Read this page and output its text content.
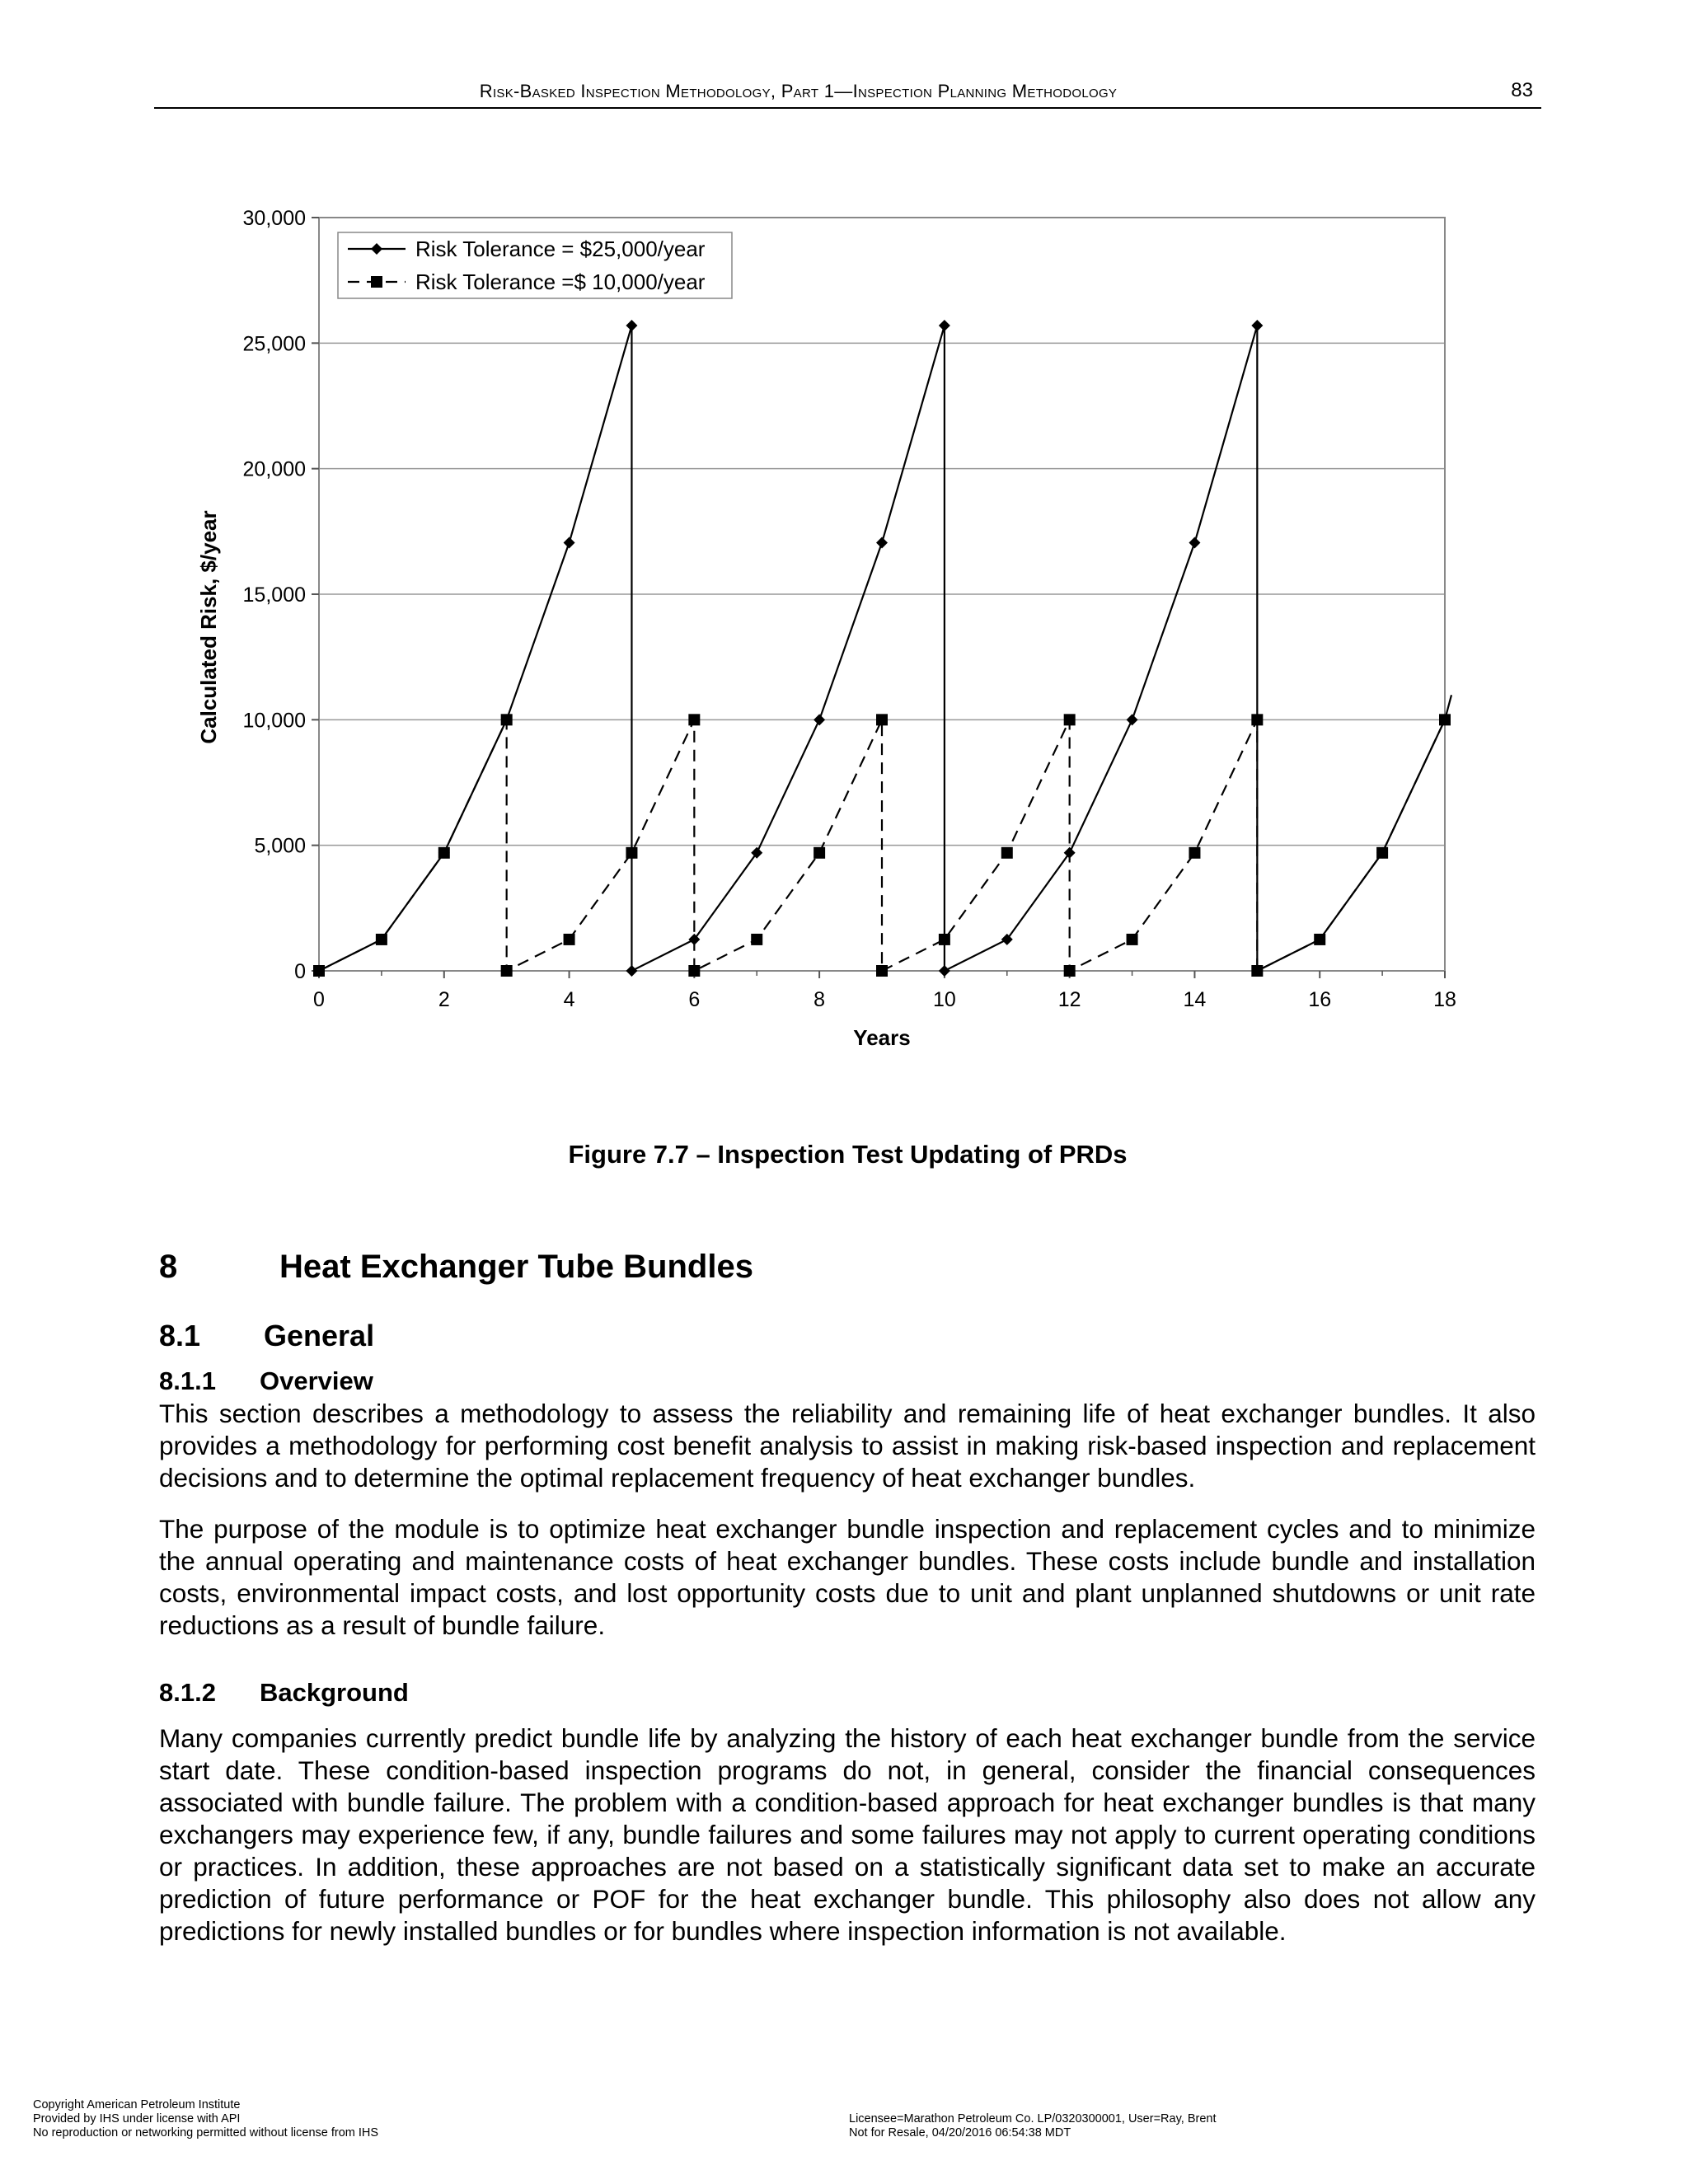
Risk-Basked Inspection Methodology, Part 1—Inspection Planning Methodology	83
0
5,000
10,000
15,000
20,000
25,000
30,000
0	2	4	6	8	10	12	14	16	18
Risk Tolerance = $25,000/year
Risk Tolerance =$ 10,000/year
Years
Calculated Risk, $/year
Figure 7.7 – Inspection Test Updating of PRDs
8	Heat Exchanger Tube Bundles
8.1 General
8.1.1 Overview

This section describes a methodology to assess the reliability and remaining life of heat exchanger bundles. It also provides a methodology for performing cost benefit analysis to assist in making risk-based inspection and replacement decisions and to determine the optimal replacement frequency of heat exchanger bundles.

The purpose of the module is to optimize heat exchanger bundle inspection and replacement cycles and to minimize the annual operating and maintenance costs of heat exchanger bundles. These costs include bundle and installation costs, environmental impact costs, and lost opportunity costs due to unit and plant unplanned shutdowns or unit rate reductions as a result of bundle failure.

8.1.2 Background

Many companies currently predict bundle life by analyzing the history of each heat exchanger bundle from the service start date. These condition-based inspection programs do not, in general, consider the financial consequences associated with bundle failure. The problem with a condition-based approach for heat exchanger bundles is that many exchangers may experience few, if any, bundle failures and some failures may not apply to current operating conditions or practices. In addition, these approaches are not based on a statistically significant data set to make an accurate prediction of future performance or POF for the heat exchanger bundle. This philosophy also does not allow any predictions for newly installed bundles or for bundles where inspection information is not available.

Copyright American Petroleum Institute
Provided by IHS under license with API
No reproduction or networking permitted without license from IHS
Licensee=Marathon Petroleum Co. LP/0320300001, User=Ray, Brent
Not for Resale, 04/20/2016 06:54:38 MDT
